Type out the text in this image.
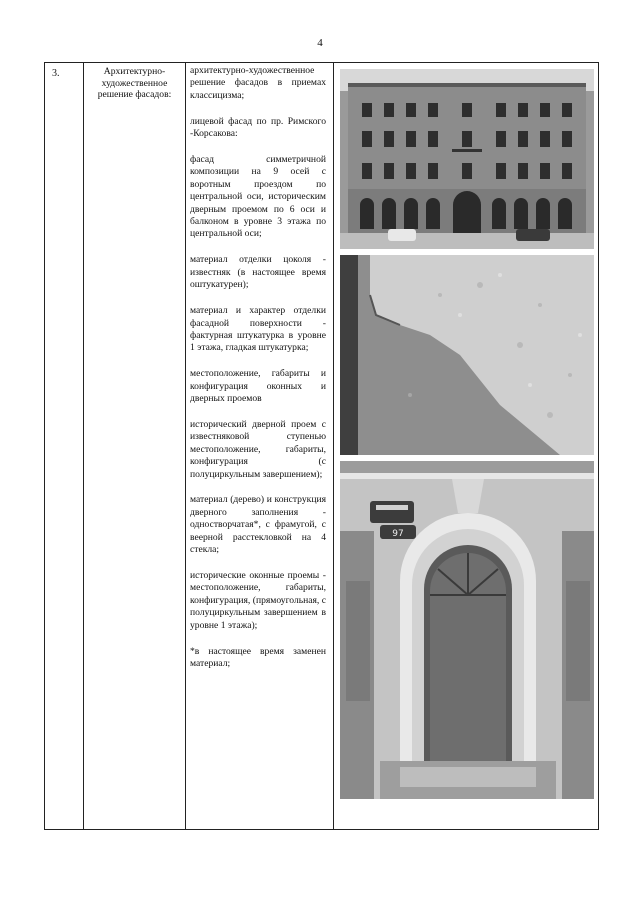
4
3.	Архитектурно-художественное решение фасадов:

архитектурно-художественное решение фасадов в приемах классицизма;

лицевой фасад по пр. Римского -Корсакова:

фасад симметричной композиции на 9 осей с воротным проездом по центральной оси, историческим дверным проемом по 6 оси и балконом в уровне 3 этажа по центральной оси;

материал отделки цоколя - известняк (в настоящее время оштукатурен);

материал и характер отделки фасадной поверхности - фактурная штукатурка в уровне 1 этажа, гладкая штукатурка;

местоположение, габариты и конфигурация оконных и дверных проемов

исторический дверной проем с известняковой ступенью местоположение, габариты, конфигурация (с полуциркульным завершением);

материал (дерево) и конструкция дверного заполнения - одностворчатая*, с фрамугой, с веерной расстекловкой на 4 стекла;

исторические оконные проемы - местоположение, габариты, конфигурация, (прямоугольная, с полуциркульным завершением в уровне 1 этажа);

*в настоящее время заменен материал;

97
